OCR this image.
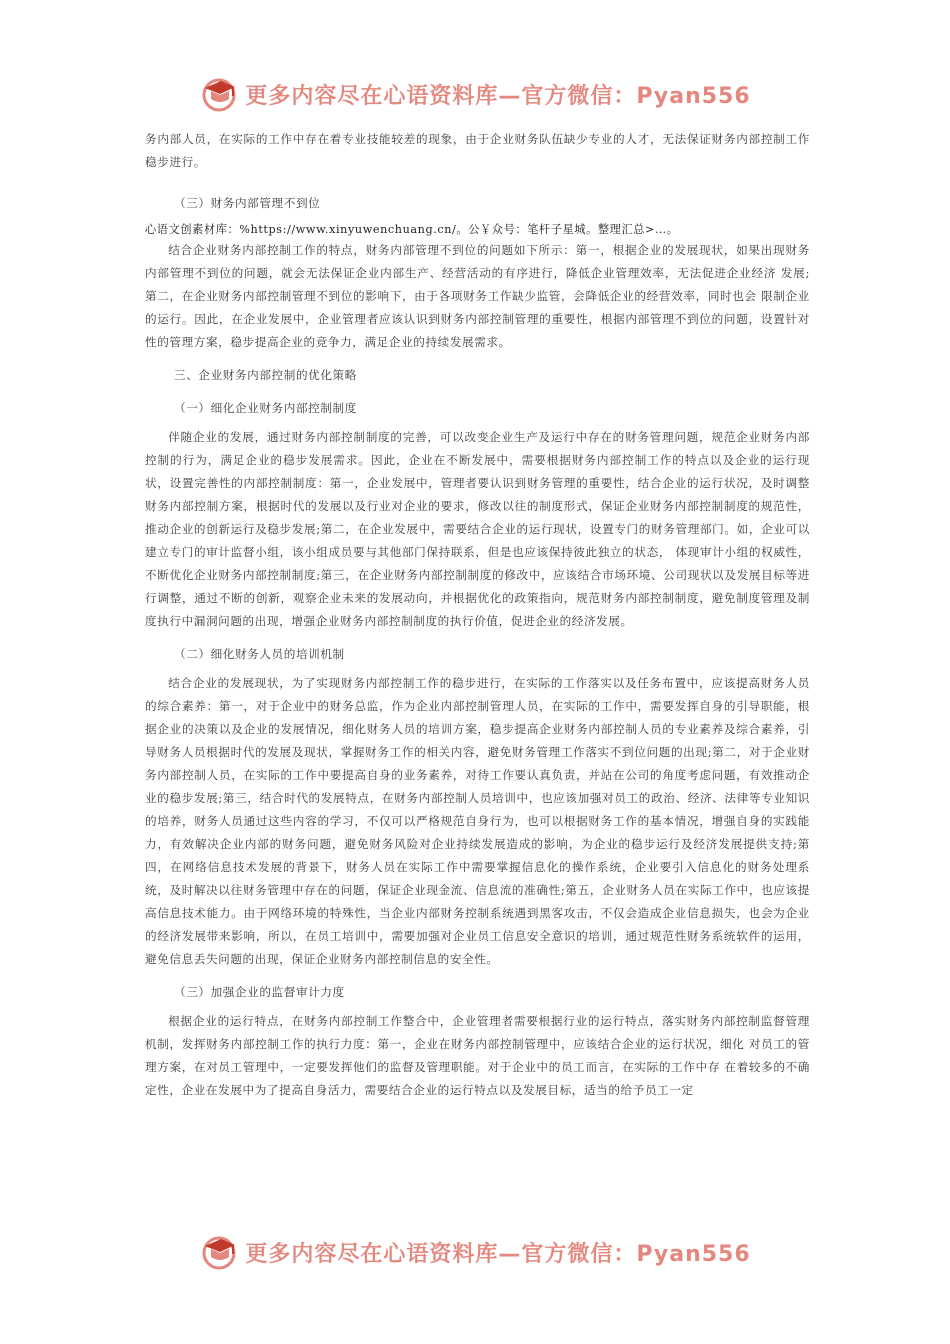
更多内容尽在心语资料库—官方微信：Pyan556

务内部人员，在实际的工作中存在着专业技能较差的现象，由于企业财务队伍缺少专业的人才，无法保证财务内部控制工作稳步进行。

（三）财务内部管理不到位

心语文创素材库：%https://www.xinyuwenchuang.cn/。公￥众号：笔杆子星城。整理汇总>…。

结合企业财务内部控制工作的特点，财务内部管理不到位的问题如下所示：第一，根据企业的发展现状，如果出现财务内部管理不到位的问题，就会无法保证企业内部生产、经营活动的有序进行，降低企业管理效率，无法促进企业经济 发展;第二，在企业财务内部控制管理不到位的影响下，由于各项财务工作缺少监管，会降低企业的经营效率，同时也会 限制企业的运行。因此，在企业发展中，企业管理者应该认识到财务内部控制管理的重要性，根据内部管理不到位的问题，设置针对性的管理方案，稳步提高企业的竞争力，满足企业的持续发展需求。

三、企业财务内部控制的优化策略

（一）细化企业财务内部控制制度

伴随企业的发展，通过财务内部控制制度的完善，可以改变企业生产及运行中存在的财务管理问题，规范企业财务内部控制的行为，满足企业的稳步发展需求。因此，企业在不断发展中，需要根据财务内部控制工作的特点以及企业的运行现状，设置完善性的内部控制制度：第一，企业发展中，管理者要认识到财务管理的重要性，结合企业的运行状况，及时调整财务内部控制方案，根据时代的发展以及行业对企业的要求，修改以往的制度形式，保证企业财务内部控制制度的规范性，推动企业的创新运行及稳步发展;第二，在企业发展中，需要结合企业的运行现状，设置专门的财务管理部门。如，企业可以建立专门的审计监督小组，该小组成员要与其他部门保持联系，但是也应该保持彼此独立的状态， 体现审计小组的权威性，不断优化企业财务内部控制制度;第三，在企业财务内部控制制度的修改中，应该结合市场环境、公司现状以及发展目标等进行调整，通过不断的创新，观察企业未来的发展动向，并根据优化的政策指向，规范财务内部控制制度，避免制度管理及制度执行中漏洞问题的出现，增强企业财务内部控制制度的执行价值，促进企业的经济发展。

（二）细化财务人员的培训机制

结合企业的发展现状，为了实现财务内部控制工作的稳步进行，在实际的工作落实以及任务布置中，应该提高财务人员的综合素养：第一，对于企业中的财务总监，作为企业内部控制管理人员，在实际的工作中，需要发挥自身的引导职能，根据企业的决策以及企业的发展情况，细化财务人员的培训方案，稳步提高企业财务内部控制人员的专业素养及综合素养，引导财务人员根据时代的发展及现状，掌握财务工作的相关内容，避免财务管理工作落实不到位问题的出现;第二，对于企业财务内部控制人员，在实际的工作中要提高自身的业务素养，对待工作要认真负责，并站在公司的角度考虑问题，有效推动企业的稳步发展;第三，结合时代的发展特点，在财务内部控制人员培训中，也应该加强对员工的政治、经济、法律等专业知识的培养，财务人员通过这些内容的学习，不仅可以严格规范自身行为，也可以根据财务工作的基本情况，增强自身的实践能力，有效解决企业内部的财务问题，避免财务风险对企业持续发展造成的影响，为企业的稳步运行及经济发展提供支持;第四，在网络信息技术发展的背景下，财务人员在实际工作中需要掌握信息化的操作系统，企业要引入信息化的财务处理系统，及时解决以往财务管理中存在的问题，保证企业现金流、信息流的准确性;第五，企业财务人员在实际工作中，也应该提高信息技术能力。由于网络环境的特殊性，当企业内部财务控制系统遇到黑客攻击，不仅会造成企业信息损失，也会为企业的经济发展带来影响，所以，在员工培训中，需要加强对企业员工信息安全意识的培训，通过规范性财务系统软件的运用，避免信息丢失问题的出现，保证企业财务内部控制信息的安全性。

（三）加强企业的监督审计力度

根据企业的运行特点，在财务内部控制工作整合中，企业管理者需要根据行业的运行特点，落实财务内部控制监督管理机制，发挥财务内部控制工作的执行力度：第一，企业在财务内部控制管理中，应该结合企业的运行状况，细化 对员工的管理方案，在对员工管理中，一定要发挥他们的监督及管理职能。对于企业中的员工而言，在实际的工作中存 在着较多的不确定性，企业在发展中为了提高自身活力，需要结合企业的运行特点以及发展目标，适当的给予员工一定

更多内容尽在心语资料库—官方微信：Pyan556
